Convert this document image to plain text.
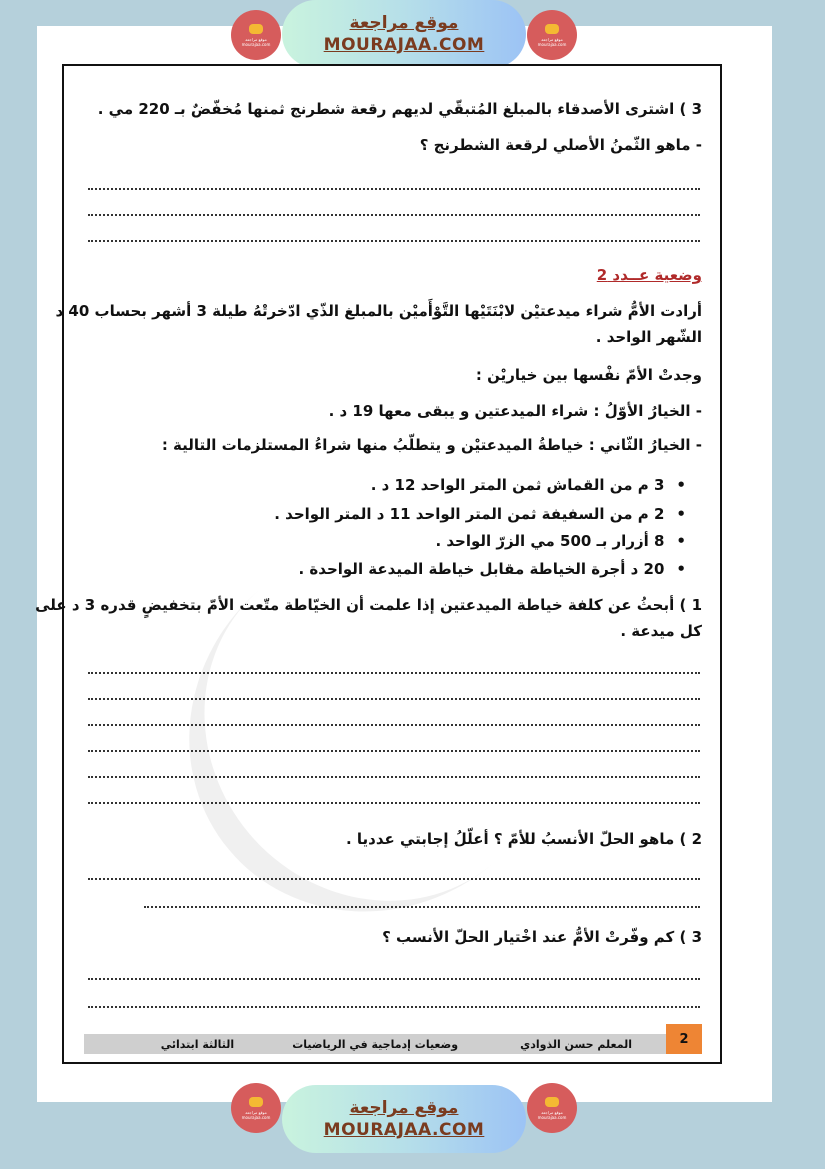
موقع مراجعة
mourajaa.com
موقع مراجعة
MOURAJAA.COM	موقع مراجعة
mourajaa.com
3 ) اشترى الأصدقاء بالمبلغ المُتبقّي لديهم رقعة شطرنج ثمنها مُخفّضٌ بـ 220 مي .
- ماهو الثّمنُ الأصلي لرقعة الشطرنج ؟
وضعية عــدد 2
أرادت الأمُّ شراء ميدعتيْن لابْنَتَيْها التَّوْأَميْن بالمبلغ الذّي ادّخرتْهُ طيلة 3 أشهر بحساب 40 د
الشّهر الواحد .
وجدتْ الأمّ نفْسها بين خياريْن :
- الخيارُ الأوّلُ : شراء الميدعتين و يبقى معها 19 د .
- الخيارُ الثّاني : خياطةُ الميدعتيْن و يتطلّبُ منها شراءُ المستلزمات التالية :
• 3 م من القماش ثمن المتر الواحد 12 د .
• 2 م من السفيفة ثمن المتر الواحد 11 د المتر الواحد .
• 8 أزرار بـ 500 مي الزرّ الواحد .
• 20 د أجرة الخياطة مقابل خياطة الميدعة الواحدة .
1 ) أبحثُ عن كلفة خياطة الميدعتين إذا علمت أن الخيّاطة متّعت الأمّ بتخفيضٍ قدره 3 د على
كل ميدعة .
2 ) ماهو الحلّ الأنسبُ للأمّ ؟ أعلّلُ إجابتي عدديا .
3 ) كم وفّرتْ الأمُّ عند اخْتيار الحلّ الأنسب ؟
2
المعلم حسن الذوادي
وضعيات إدماجية في الرياضيات
الثالثة ابتدائي
موقع مراجعة
mourajaa.com	موقع مراجعة
MOURAJAA.COM
موقع مراجعة
mourajaa.com
